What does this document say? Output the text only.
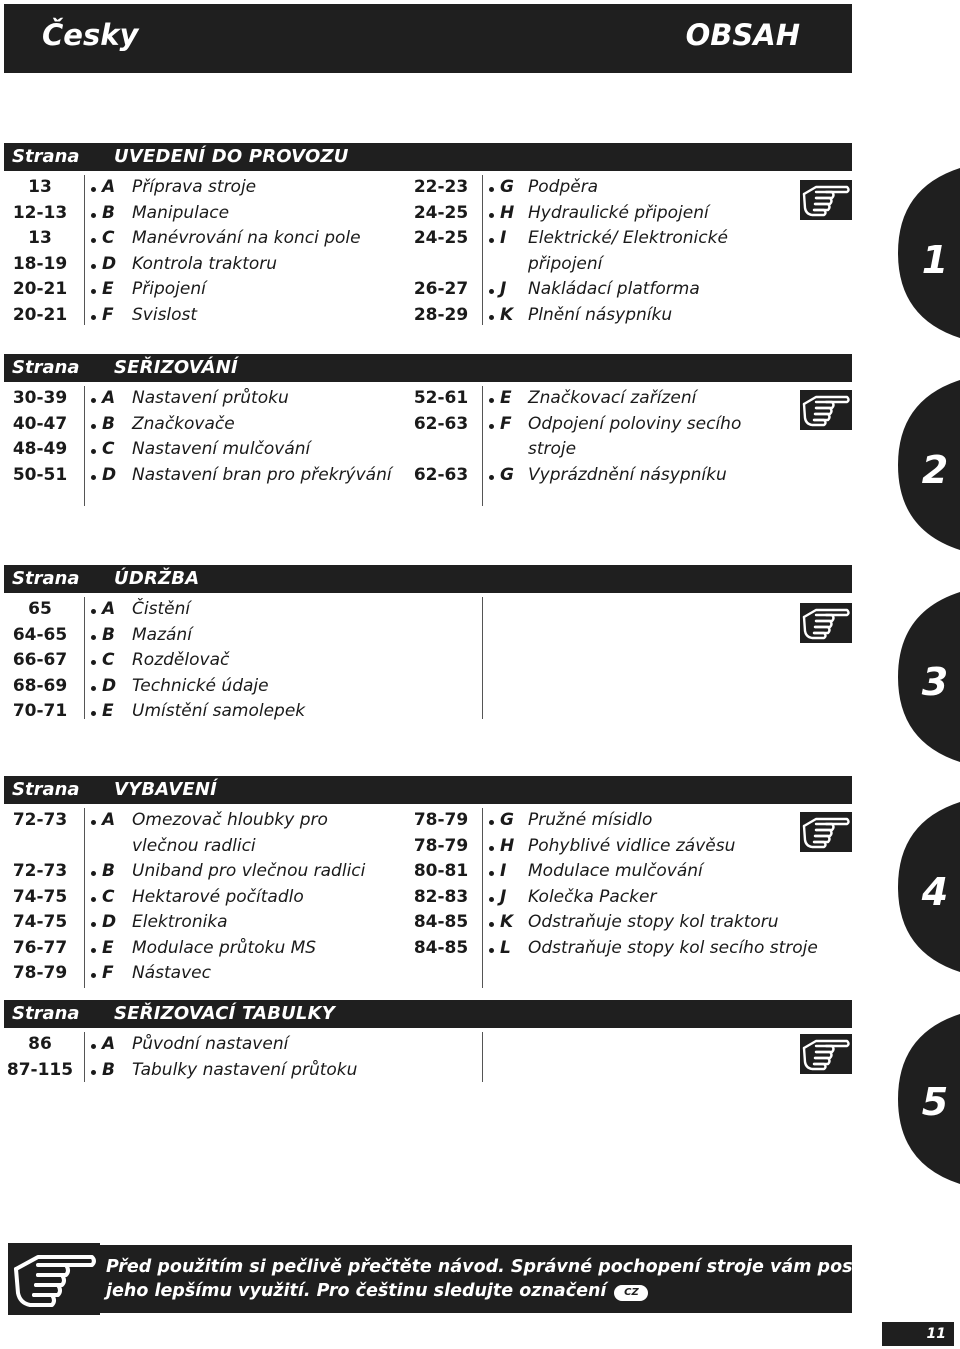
Česky	OBSAH
Strana UVEDENÍ DO PROVOZU
13	A Příprava stroje
12-13	B Manipulace
13	C Manévrování na konci pole
18-19	D Kontrola traktoru
20-21	E Připojení
20-21	F Svislost
22-23	G Podpěra
24-25	H Hydraulické připojení
24-25	I Elektrické/ Elektronické
připojení
26-27	J Nakládací platforma
28-29	K Plnění násypníku
1
Strana SEŘIZOVÁNÍ
30-39	A Nastavení průtoku
40-47	B Značkovače
48-49	C Nastavení mulčování
50-51	D Nastavení bran pro překrývání
52-61	E Značkovací zařízení
62-63	F Odpojení poloviny secího
stroje
62-63	G Vyprázdnění násypníku	2
Strana ÚDRŽBA
65	A Čistění
64-65	B Mazání
66-67	C Rozdělovač
68-69	D Technické údaje
70-71	E Umístění samolepek
3
Strana VYBAVENÍ
72-73	A Omezovač hloubky pro
vlečnou radlici
72-73	B Uniband pro vlečnou radlici
74-75	C Hektarové počítadlo
74-75	D Elektronika
76-77	E Modulace průtoku MS
78-79	F Nástavec
78-79	G Pružné mísidlo
78-79	H Pohyblivé vidlice závěsu
80-81	I Modulace mulčování
82-83	J Kolečka Packer
84-85	K Odstraňuje stopy kol traktoru
84-85	L Odstraňuje stopy kol secího stroje
4
Strana SEŘIZOVACÍ TABULKY
86	A Původní nastavení
87-115 B Tabulky nastavení průtoku
5
Před použitím si pečlivě přečtěte návod. Správné pochopení stroje vám poslouží k
jeho lepšímu využití. Pro češtinu sledujte označení CZ
11
